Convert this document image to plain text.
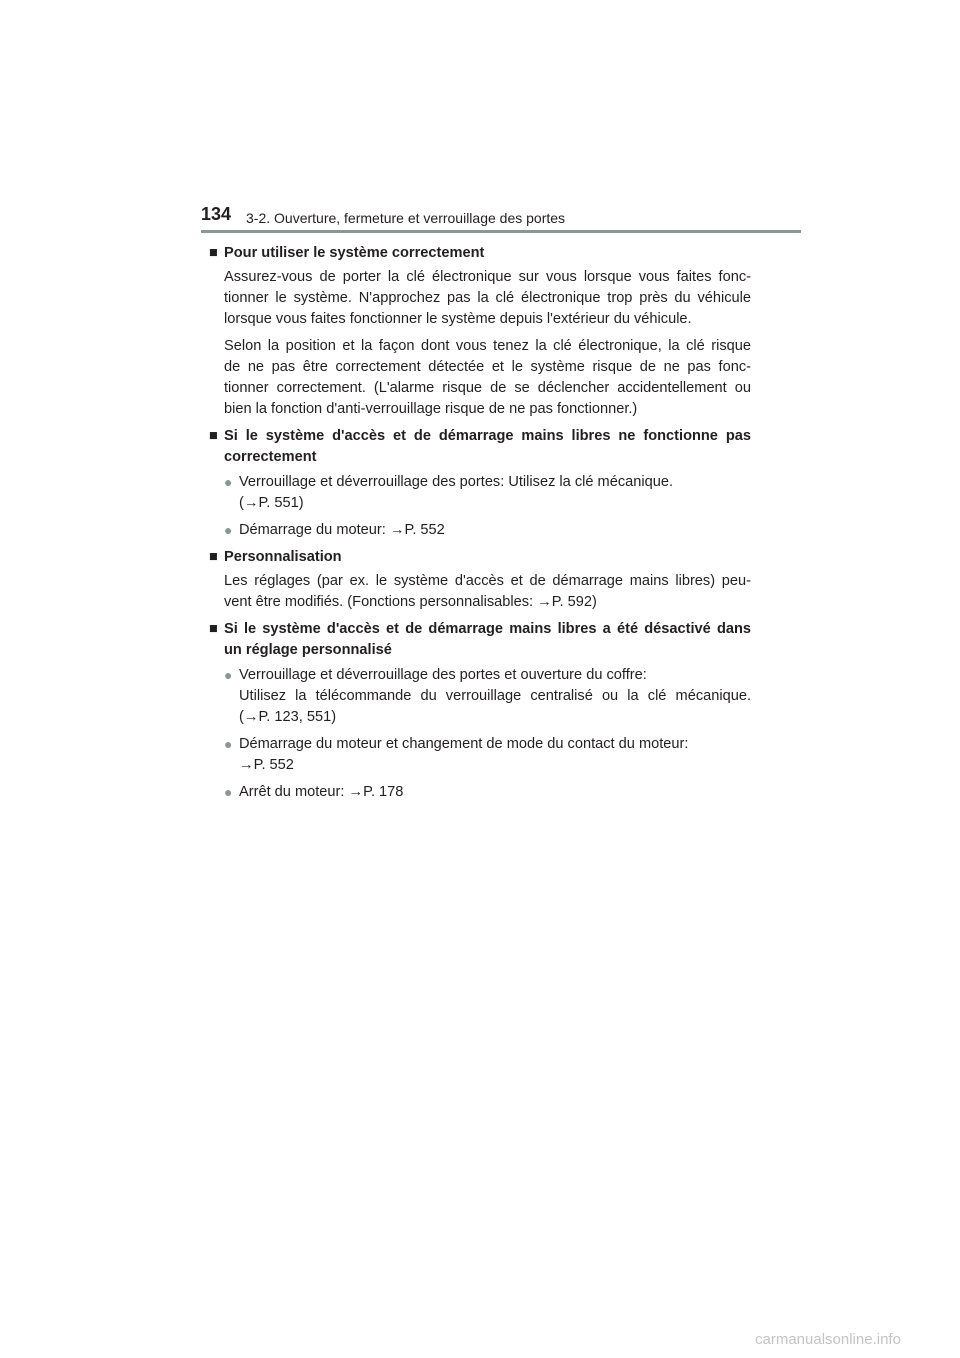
134 3-2. Ouverture, fermeture et verrouillage des portes
■ Pour utiliser le système correctement
Assurez-vous de porter la clé électronique sur vous lorsque vous faites fonc-
tionner le système. N'approchez pas la clé électronique trop près du véhicule
lorsque vous faites fonctionner le système depuis l'extérieur du véhicule.
Selon la position et la façon dont vous tenez la clé électronique, la clé risque
de ne pas être correctement détectée et le système risque de ne pas fonc-
tionner correctement. (L'alarme risque de se déclencher accidentellement ou
bien la fonction d'anti-verrouillage risque de ne pas fonctionner.)
■ Si le système d'accès et de démarrage mains libres ne fonctionne pas
correctement
● Verrouillage et déverrouillage des portes: Utilisez la clé mécanique.
(→P. 551)
● Démarrage du moteur: →P. 552
■ Personnalisation
Les réglages (par ex. le système d'accès et de démarrage mains libres) peu-
vent être modifiés. (Fonctions personnalisables: →P. 592)
■ Si le système d'accès et de démarrage mains libres a été désactivé dans
un réglage personnalisé
● Verrouillage et déverrouillage des portes et ouverture du coffre:
Utilisez la télécommande du verrouillage centralisé ou la clé mécanique.
(→P. 123, 551)
● Démarrage du moteur et changement de mode du contact du moteur:
→P. 552
● Arrêt du moteur: →P. 178
carmanualsonline.info
